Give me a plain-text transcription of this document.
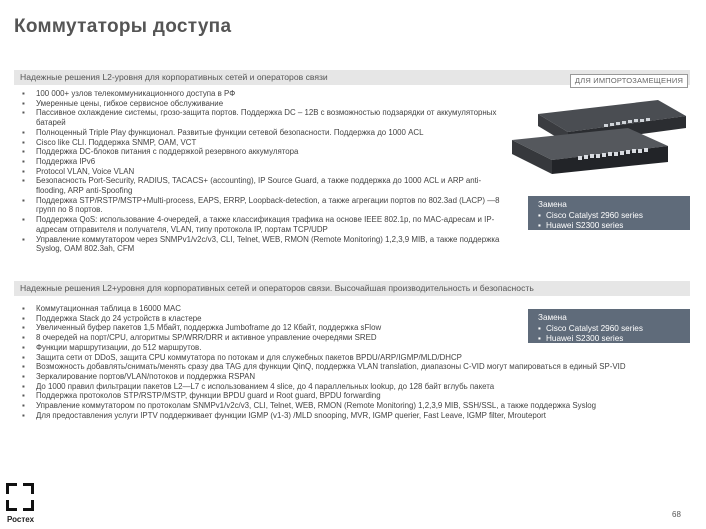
Коммутаторы доступа
Надежные решения L2-уровня для корпоративных сетей и операторов связи	ДЛЯ ИМПОРТОЗАМЕЩЕНИЯ
▪ 100 000+ узлов телекоммуникационного доступа в РФ
▪ Умеренные цены, гибкое сервисное обслуживание
▪ Пассивное охлаждение системы, грозо-защита портов. Поддержка DC – 12В с возможностью подзарядки от аккумуляторных батарей
▪ Полноценный Triple Play функционал. Развитые функции сетевой безопасности. Поддержка до 1000 ACL
▪ Cisco like CLI. Поддержка SNMP, OAM, VCT
▪ Поддержка DC-блоков питания с поддержкой резервного аккумулятора
▪ Поддержка IPv6
▪ Protocol VLAN, Voice VLAN
▪ Безопасность Port-Security, RADIUS, TACACS+ (accounting), IP Source Guard, а также поддержка до 1000 ACL и ARP anti-flooding, ARP anti-Spoofing
▪ Поддержка STP/RSTP/MSTP+Multi-process, EAPS, ERRP, Loopback-detection, а также агрегации портов по 802.3ad (LACP) —8 групп по 8 портов.
▪ Поддержка QoS: использование 4-очередей, а также классификация трафика на основе IEEE 802.1p, по MAC-адресам и IP-адресам отправителя и получателя, VLAN, типу протокола IP, портам TCP/UDP
▪ Управление коммутатором через SNMPv1/v2c/v3, CLI, Telnet, WEB, RMON (Remote Monitoring) 1,2,3,9 MIB, а также поддержка Syslog, OAM 802.3ah, CFM
Замена
▪ Cisco Catalyst 2960 series
▪ Huawei S2300 series
Надежные решения L2+уровня для корпоративных сетей и операторов связи. Высочайшая производительность и безопасность
▪ Коммутационная таблица в 16000 MAC
▪ Поддержка Stack до 24 устройств в кластере
▪ Увеличенный буфер пакетов 1,5 Мбайт, поддержка Jumboframe до 12 Кбайт, поддержка sFlow
▪ 8 очередей на порт/CPU, алгоритмы SP/WRR/DRR и активное управление очередями SRED
▪ Функции маршрутизации, до 512 маршрутов.
▪ Защита сети от DDoS, защита CPU коммутатора по потокам и для служебных пакетов BPDU/ARP/IGMP/MLD/DHCP
▪ Возможность добавлять/снимать/менять сразу два TAG для функции QinQ, поддержка VLAN translation, диапазоны C-VID могут мапироваться в единый SP-VID
▪ Зеркалирование портов/VLAN/потоков и поддержка RSPAN
▪ До 1000 правил фильтрации пакетов L2—L7 с использованием 4 slice, до 4 параллельных lookup, до 128 байт вглубь пакета
▪ Поддержка протоколов STP/RSTP/MSTP, функции BPDU guard и Root guard, BPDU forwarding
▪ Управление коммутатором по протоколам SNMPv1/v2c/v3, CLI, Telnet, WEB, RMON (Remote Monitoring) 1,2,3,9 MIB, SSH/SSL, а также поддержка Syslog
▪ Для предоставления услуги IPTV поддерживает функции IGMP (v1-3) /MLD snooping, MVR, IGMP querier, Fast Leave, IGMP filter, Mrouteport
Замена
▪ Cisco Catalyst 2960 series
▪ Huawei S2300 series
Ростех
68
